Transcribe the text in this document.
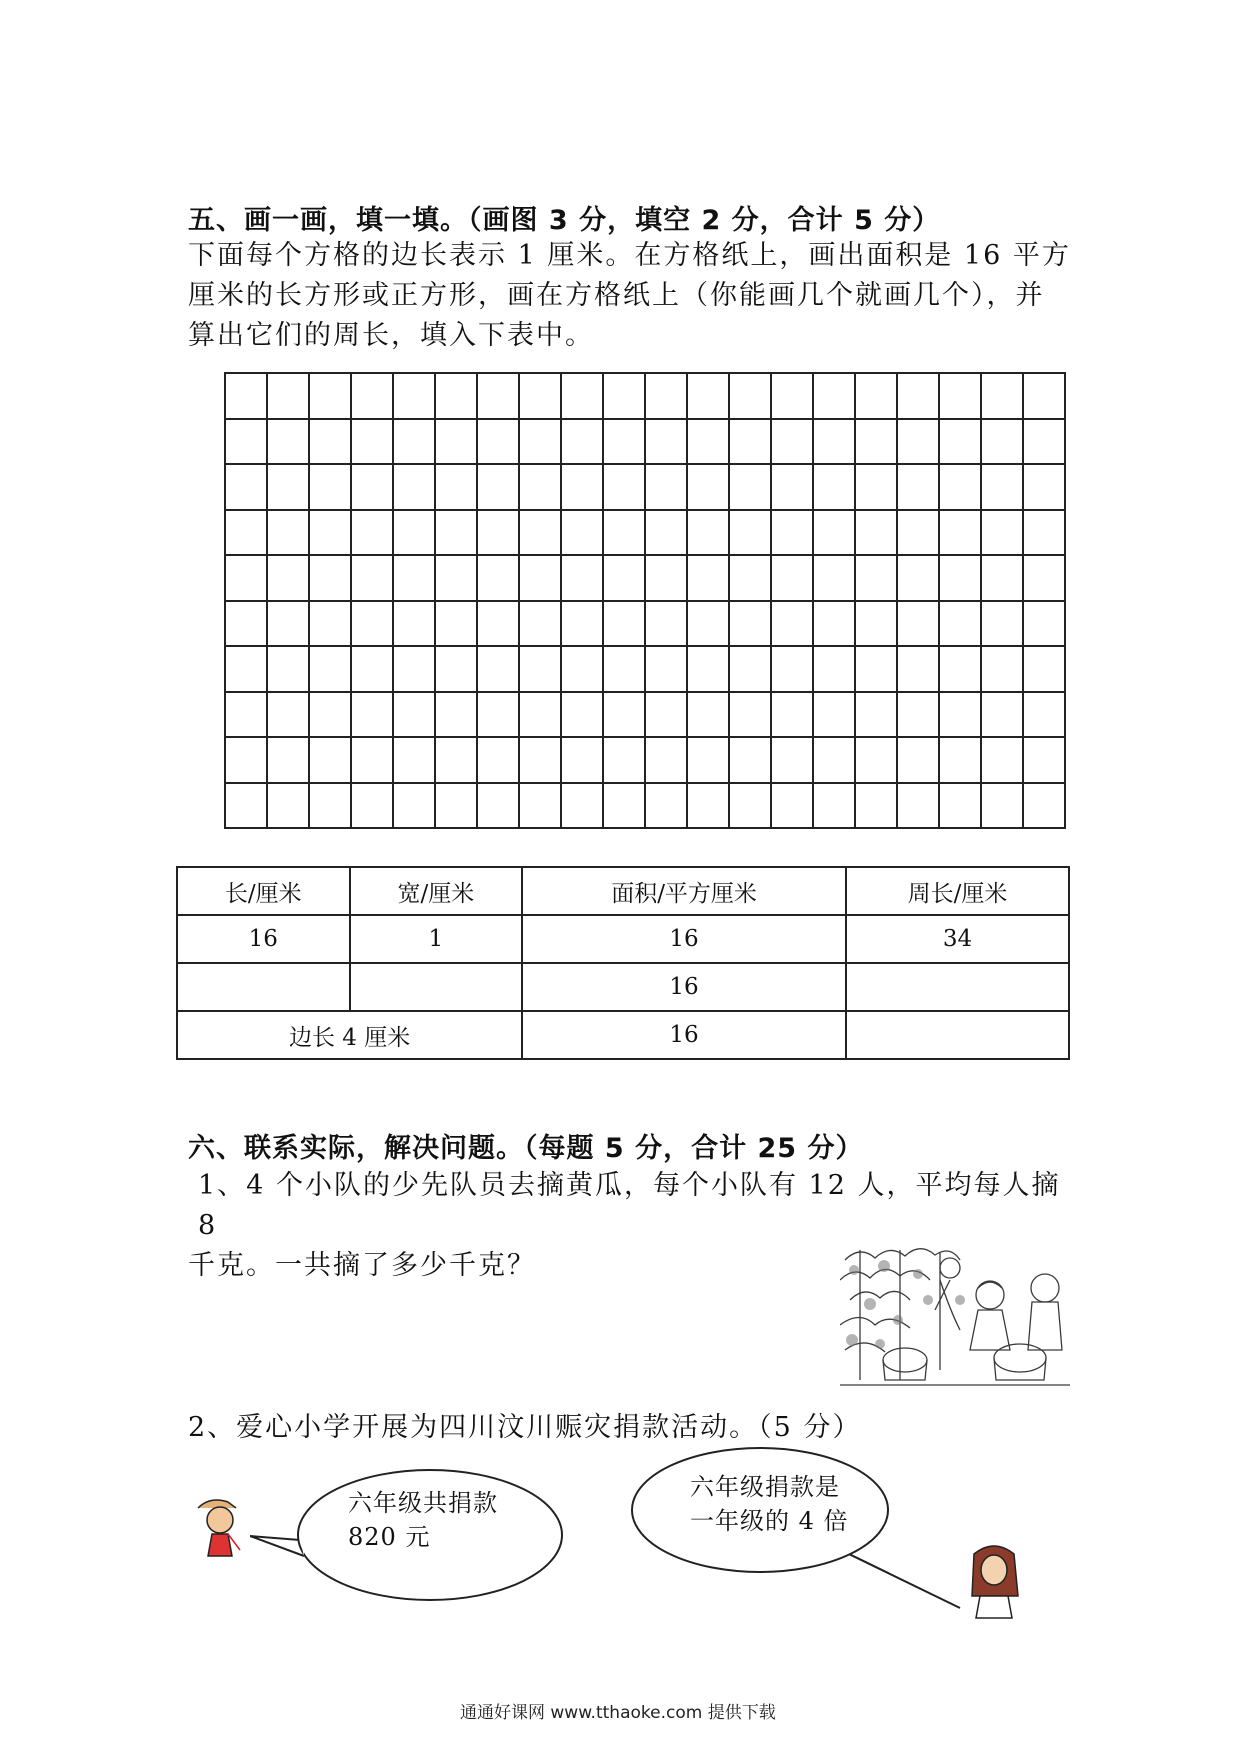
五、画一画，填一填。（画图 3 分，填空 2 分，合计 5 分）
下面每个方格的边长表示 1 厘米。在方格纸上，画出面积是 16 平方
厘米的长方形或正方形，画在方格纸上（你能画几个就画几个），并
算出它们的周长，填入下表中。
长/厘米	宽/厘米	面积/平方厘米	周长/厘米
16	1	16	34
		16	
边长 4 厘米		16	
六、联系实际，解决问题。（每题 5 分，合计 25 分）
1、4 个小队的少先队员去摘黄瓜，每个小队有 12 人，平均每人摘 8
千克。一共摘了多少千克？
2、爱心小学开展为四川汶川赈灾捐款活动。（5 分）
六年级共捐款
820 元
六年级捐款是
一年级的 4 倍
通通好课网 www.tthaoke.com 提供下载
